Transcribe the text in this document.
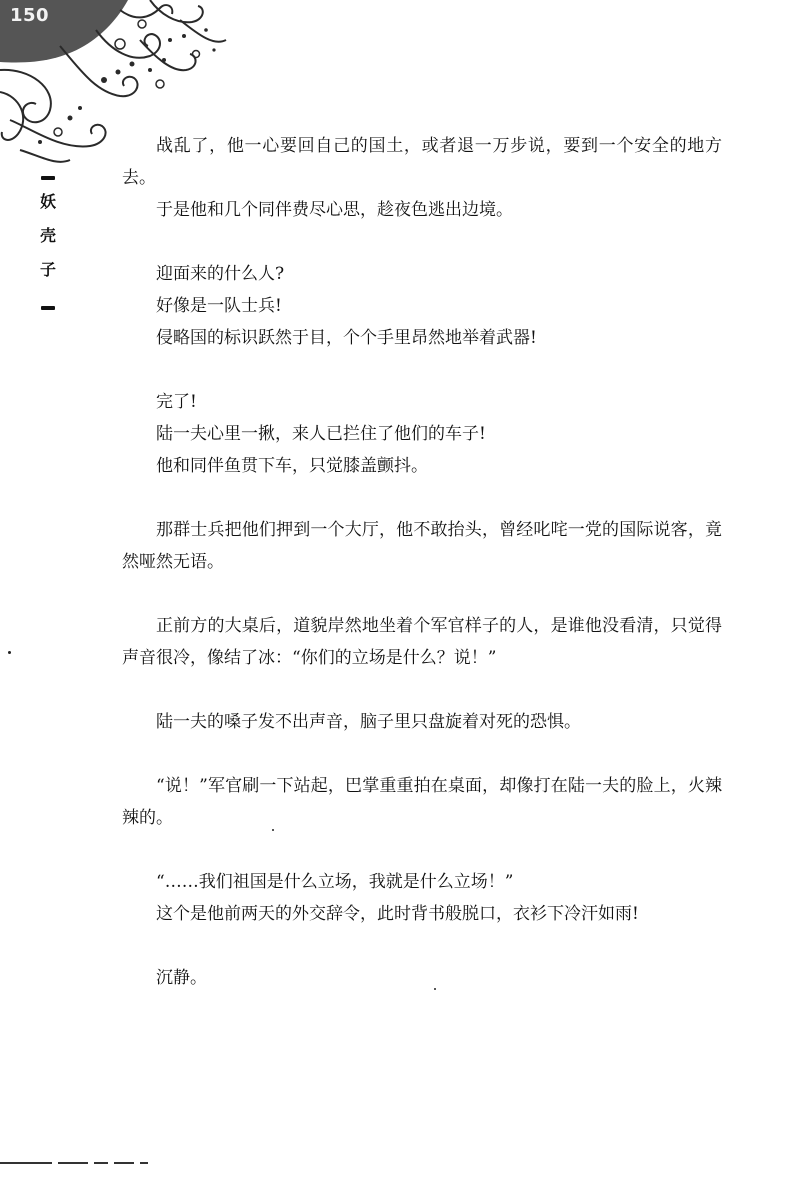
150
妖
壳
子

战乱了，他一心要回自己的国土，或者退一万步说，要到一个安全的地方去。

于是他和几个同伴费尽心思，趁夜色逃出边境。

迎面来的什么人?

好像是一队士兵!

侵略国的标识跃然于目，个个手里昂然地举着武器!

完了!

陆一夫心里一揪，来人已拦住了他们的车子!

他和同伴鱼贯下车，只觉膝盖颤抖。

那群士兵把他们押到一个大厅，他不敢抬头，曾经叱咤一党的国际说客，竟然哑然无语。

正前方的大桌后，道貌岸然地坐着个军官样子的人，是谁他没看清，只觉得声音很冷，像结了冰：“你们的立场是什么？说！”

陆一夫的嗓子发不出声音，脑子里只盘旋着对死的恐惧。

“说！”军官刷一下站起，巴掌重重拍在桌面，却像打在陆一夫的脸上，火辣辣的。

“……我们祖国是什么立场，我就是什么立场！”

这个是他前两天的外交辞令，此时背书般脱口，衣衫下冷汗如雨!

沉静。
